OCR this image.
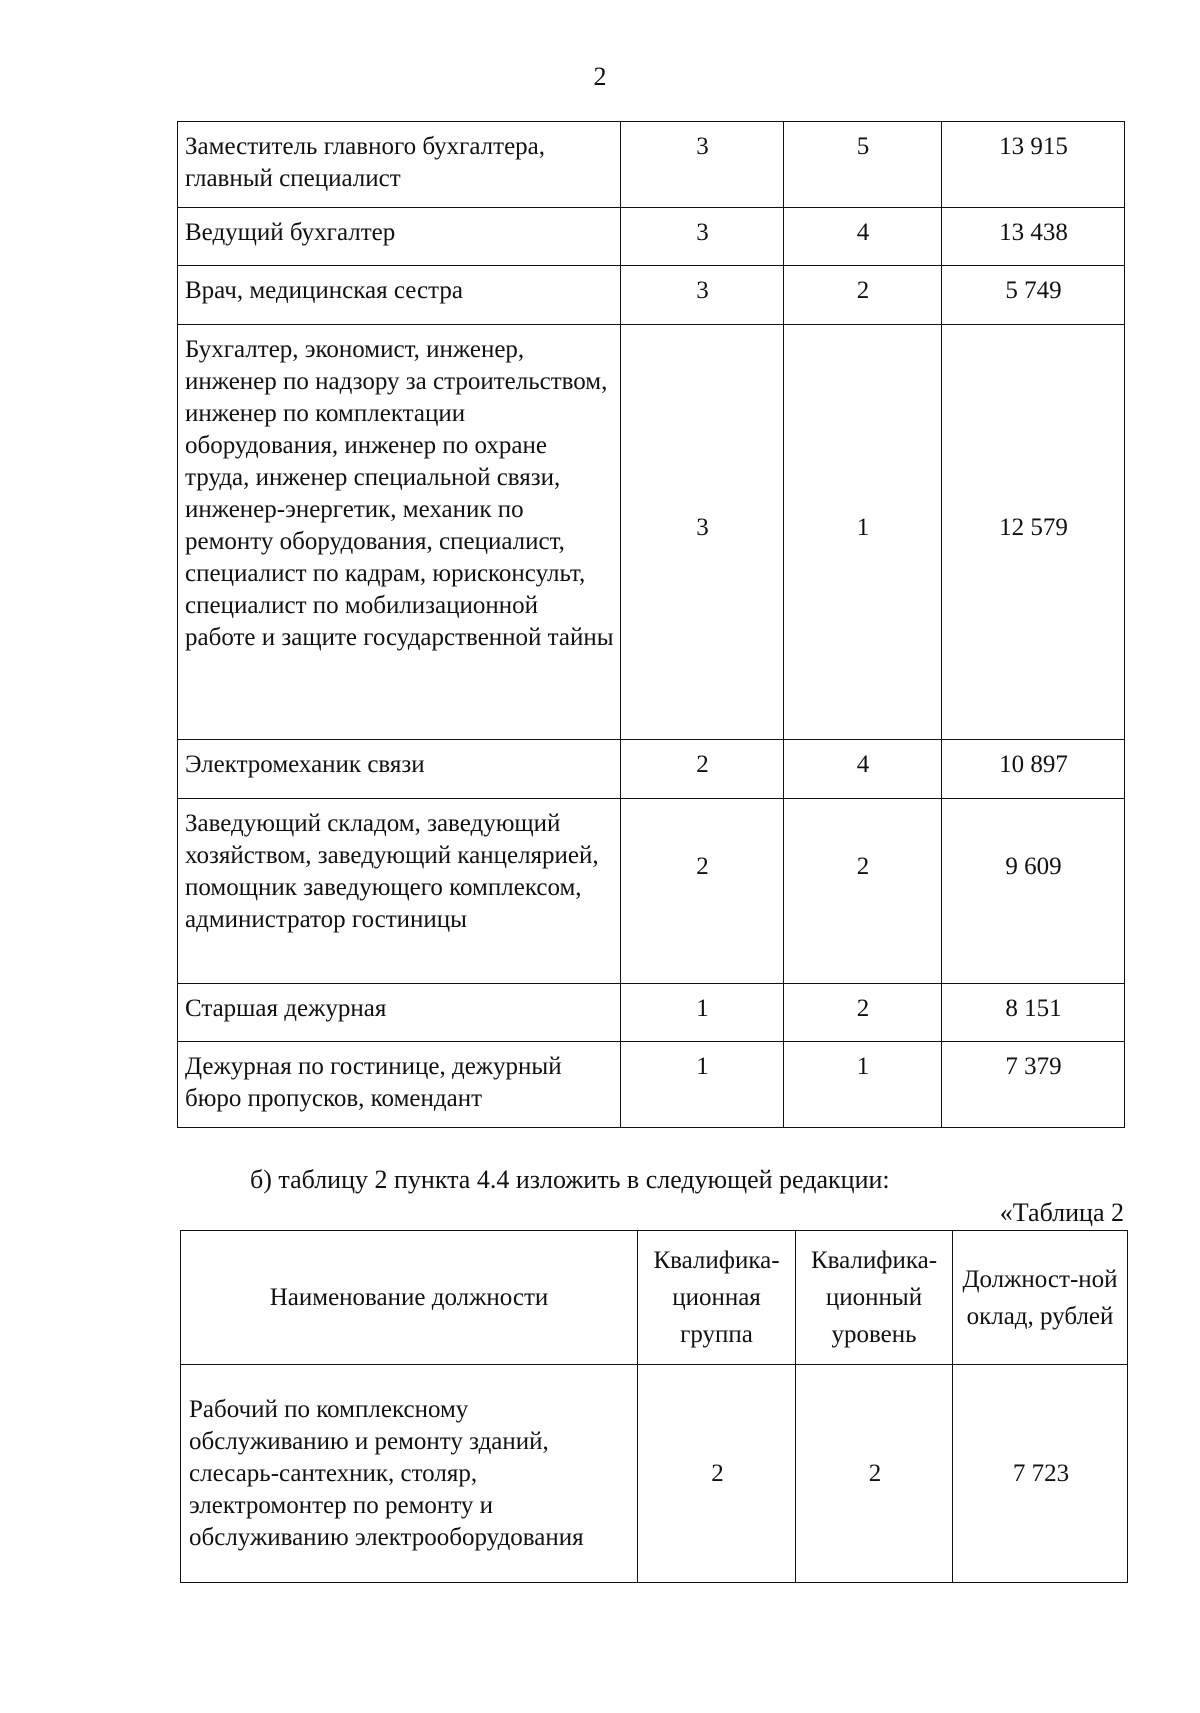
2
Заместитель главного бухгалтера, главный специалист	3	5	13 915
Ведущий бухгалтер	3	4	13 438
Врач, медицинская сестра	3	2	5 749
Бухгалтер, экономист, инженер, инженер по надзору за строительством, инженер по комплектации оборудования, инженер по охране труда, инженер специальной связи, инженер-энергетик, механик по ремонту оборудования, специалист, специалист по кадрам, юрисконсульт, специалист по мобилизационной работе и защите государственной тайны	3	1	12 579
Электромеханик связи	2	4	10 897
Заведующий складом, заведующий хозяйством, заведующий канцелярией, помощник заведующего комплексом, администратор гостиницы	2	2	9 609
Старшая дежурная	1	2	8 151
Дежурная по гостинице, дежурный бюро пропусков, комендант	1	1	7 379
б) таблицу 2 пункта 4.4 изложить в следующей редакции:
«Таблица 2
Наименование должности	Квалифика-ционная группа	Квалифика-ционный уровень	Должност-ной оклад, рублей
Рабочий по комплексному обслуживанию и ремонту зданий, слесарь-сантехник, столяр, электромонтер по ремонту и обслуживанию электрооборудования	2	2	7 723
